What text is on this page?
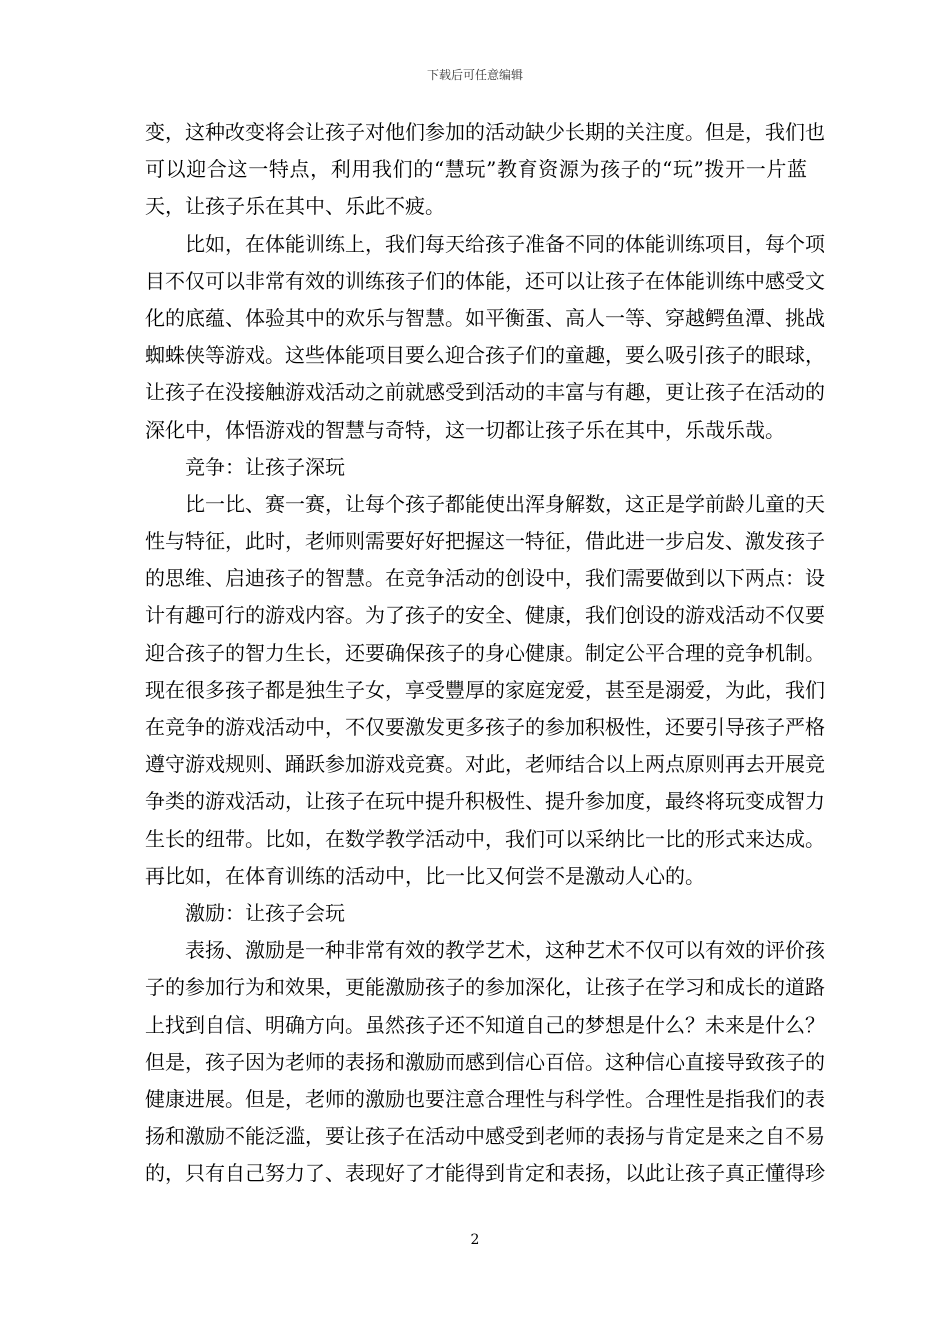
下载后可任意编辑
变，这种改变将会让孩子对他们参加的活动缺少长期的关注度。但是，我们也
可以迎合这一特点，利用我们的“慧玩”教育资源为孩子的“玩”拨开一片蓝
天，让孩子乐在其中、乐此不疲。
比如，在体能训练上，我们每天给孩子准备不同的体能训练项目，每个项
目不仅可以非常有效的训练孩子们的体能，还可以让孩子在体能训练中感受文
化的底蕴、体验其中的欢乐与智慧。如平衡蛋、高人一等、穿越鳄鱼潭、挑战
蜘蛛侠等游戏。这些体能项目要么迎合孩子们的童趣，要么吸引孩子的眼球，
让孩子在没接触游戏活动之前就感受到活动的丰富与有趣，更让孩子在活动的
深化中，体悟游戏的智慧与奇特，这一切都让孩子乐在其中，乐哉乐哉。
竞争：让孩子深玩
比一比、赛一赛，让每个孩子都能使出浑身解数，这正是学前龄儿童的天
性与特征，此时，老师则需要好好把握这一特征，借此进一步启发、激发孩子
的思维、启迪孩子的智慧。在竞争活动的创设中，我们需要做到以下两点：设
计有趣可行的游戏内容。为了孩子的安全、健康，我们创设的游戏活动不仅要
迎合孩子的智力生长，还要确保孩子的身心健康。制定公平合理的竞争机制。
现在很多孩子都是独生子女，享受豐厚的家庭宠爱，甚至是溺爱，为此，我们
在竞争的游戏活动中，不仅要激发更多孩子的参加积极性，还要引导孩子严格
遵守游戏规则、踊跃参加游戏竞赛。对此，老师结合以上两点原则再去开展竞
争类的游戏活动，让孩子在玩中提升积极性、提升参加度，最终将玩变成智力
生长的纽带。比如，在数学教学活动中，我们可以采纳比一比的形式来达成。
再比如，在体育训练的活动中，比一比又何尝不是激动人心的。
激励：让孩子会玩
表扬、激励是一种非常有效的教学艺术，这种艺术不仅可以有效的评价孩
子的参加行为和效果，更能激励孩子的参加深化，让孩子在学习和成长的道路
上找到自信、明确方向。虽然孩子还不知道自己的梦想是什么？未来是什么？
但是，孩子因为老师的表扬和激励而感到信心百倍。这种信心直接导致孩子的
健康进展。但是，老师的激励也要注意合理性与科学性。合理性是指我们的表
扬和激励不能泛滥，要让孩子在活动中感受到老师的表扬与肯定是来之自不易
的，只有自己努力了、表现好了才能得到肯定和表扬，以此让孩子真正懂得珍
2
